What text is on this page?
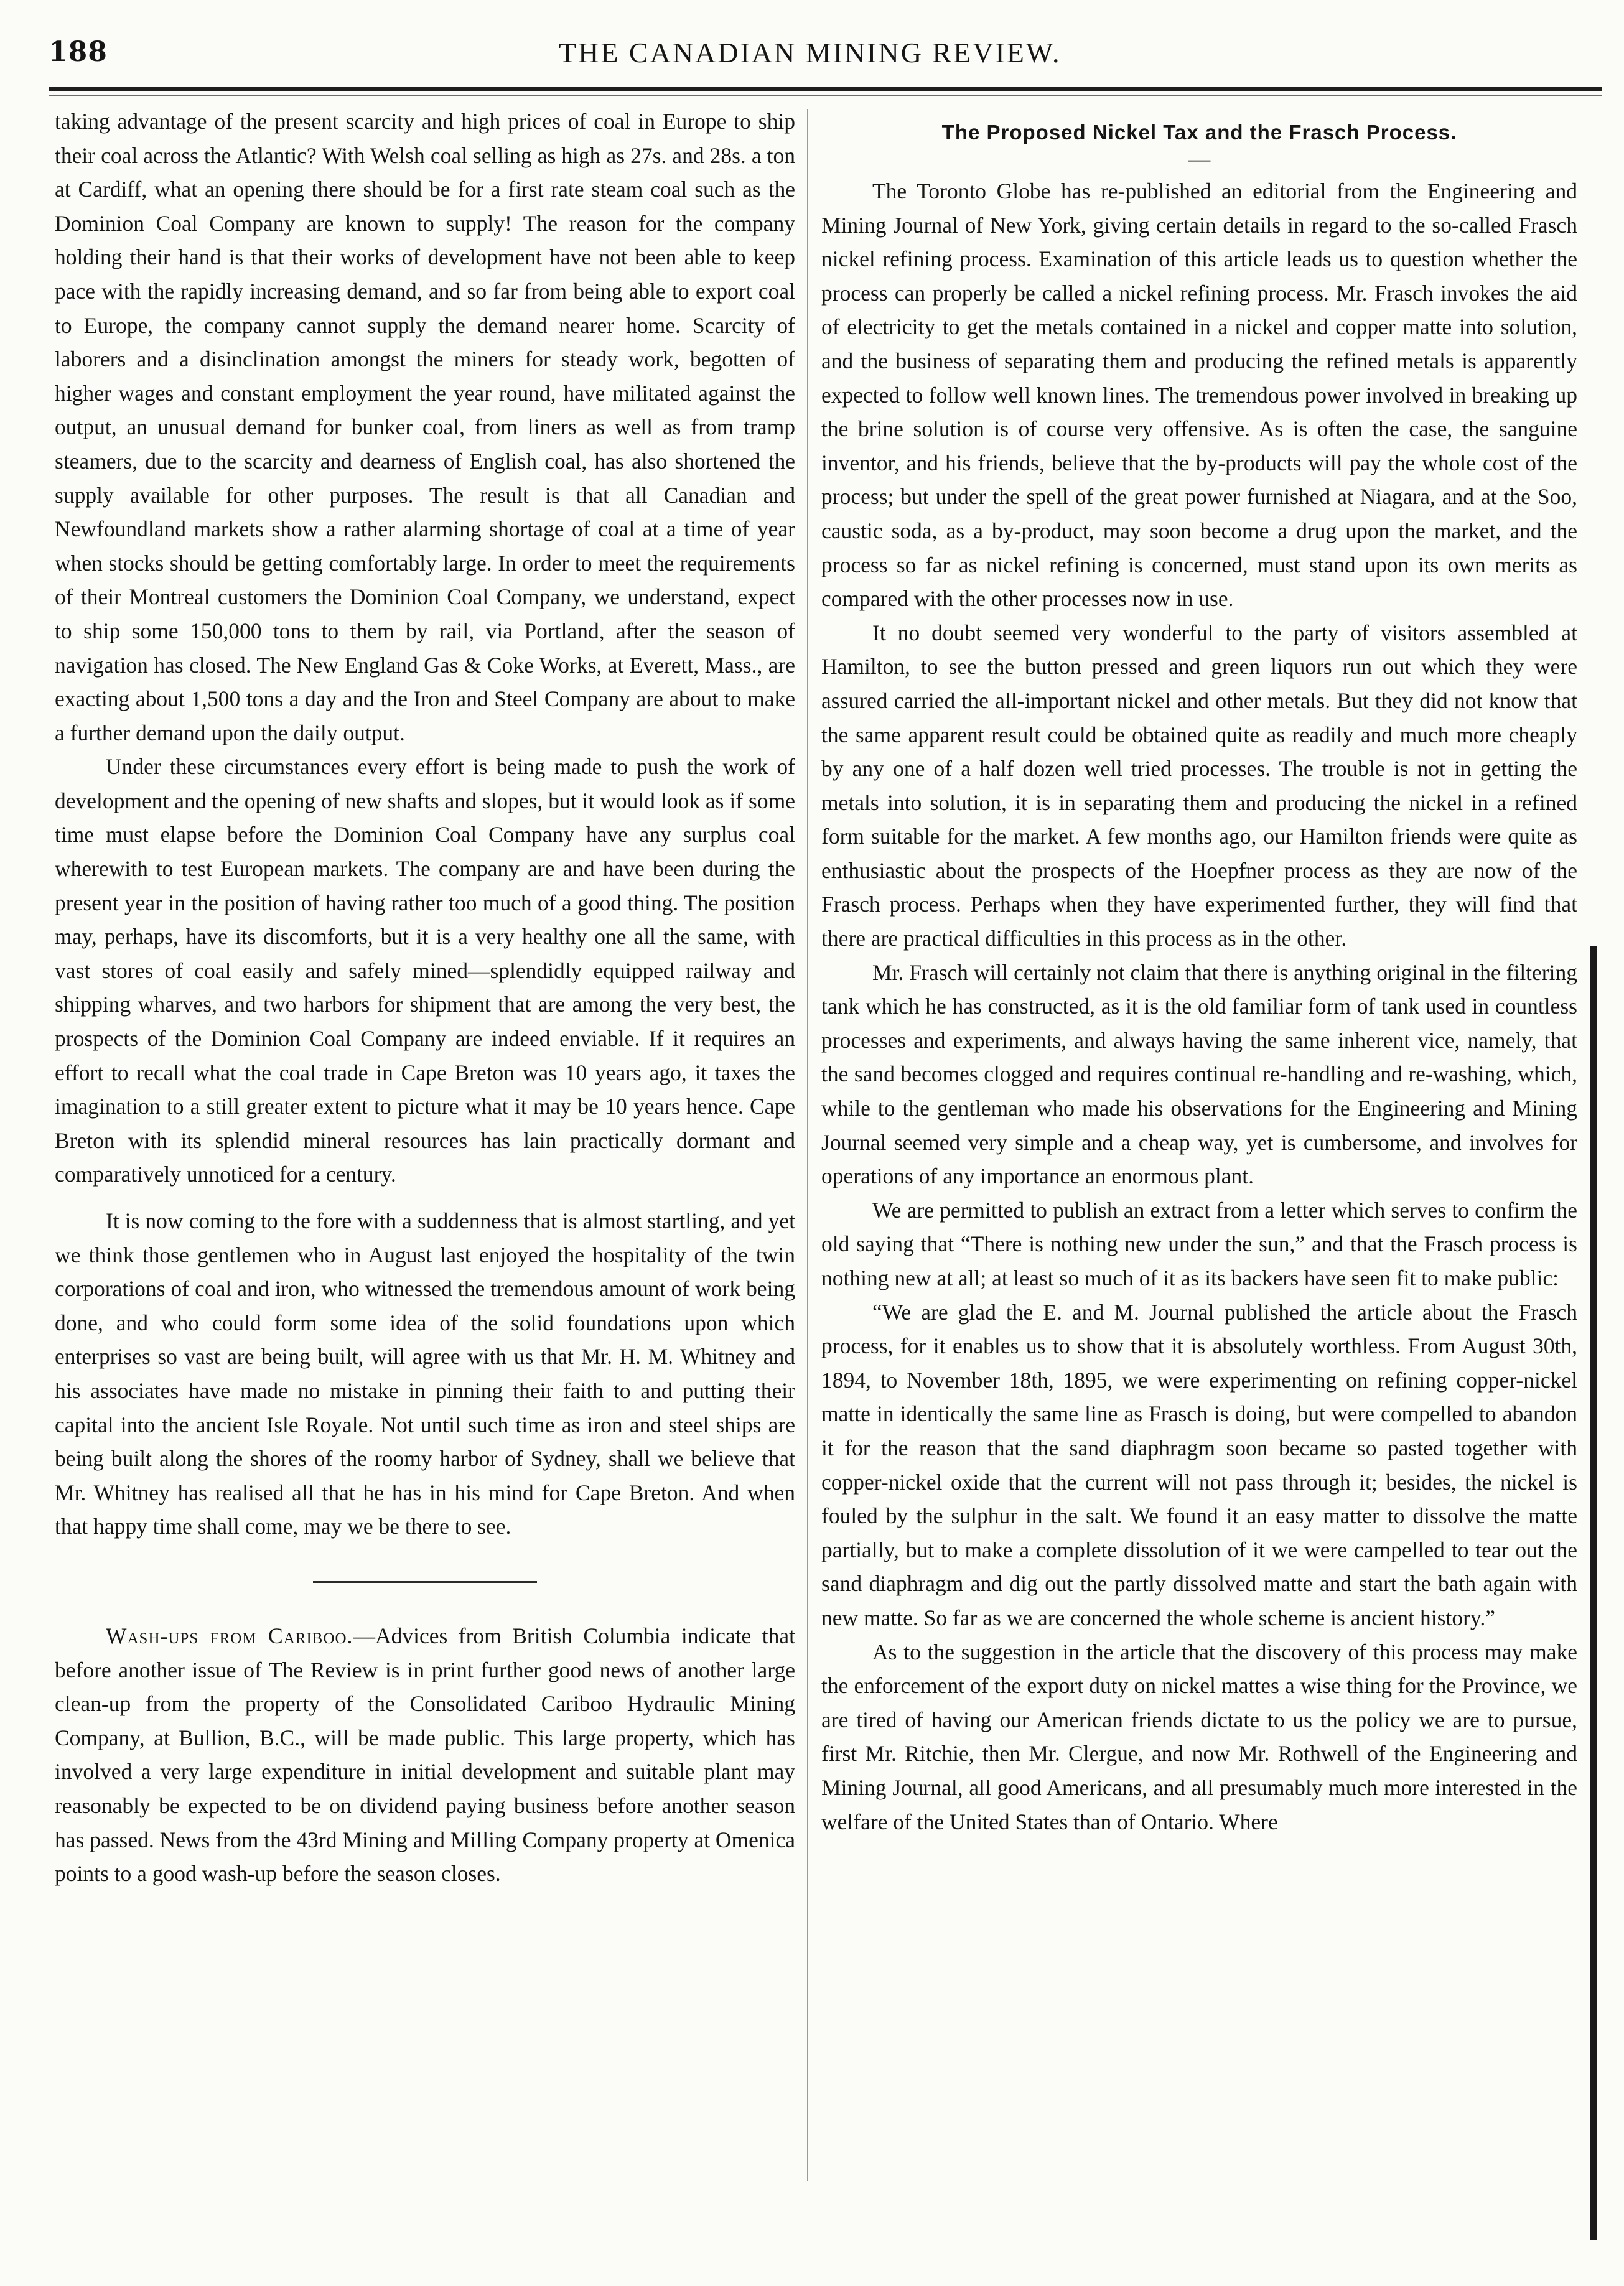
188	THE CANADIAN MINING REVIEW.

taking advantage of the present scarcity and high prices of coal in Europe to ship their coal across the Atlantic? With Welsh coal selling as high as 27s. and 28s. a ton at Cardiff, what an opening there should be for a first rate steam coal such as the Dominion Coal Company are known to supply! The reason for the company holding their hand is that their works of development have not been able to keep pace with the rapidly increasing demand, and so far from being able to export coal to Europe, the company cannot supply the demand nearer home. Scarcity of laborers and a disinclination amongst the miners for steady work, begotten of higher wages and constant employment the year round, have militated against the output, an unusual demand for bunker coal, from liners as well as from tramp steamers, due to the scarcity and dearness of English coal, has also shortened the supply available for other purposes. The result is that all Canadian and Newfoundland markets show a rather alarming shortage of coal at a time of year when stocks should be getting comfortably large. In order to meet the requirements of their Montreal customers the Dominion Coal Company, we understand, expect to ship some 150,000 tons to them by rail, via Portland, after the season of navigation has closed. The New England Gas & Coke Works, at Everett, Mass., are exacting about 1,500 tons a day and the Iron and Steel Company are about to make a further demand upon the daily output.

Under these circumstances every effort is being made to push the work of development and the opening of new shafts and slopes, but it would look as if some time must elapse before the Dominion Coal Company have any surplus coal wherewith to test European markets. The company are and have been during the present year in the position of having rather too much of a good thing. The position may, perhaps, have its discomforts, but it is a very healthy one all the same, with vast stores of coal easily and safely mined—splendidly equipped railway and shipping wharves, and two harbors for shipment that are among the very best, the prospects of the Dominion Coal Company are indeed enviable. If it requires an effort to recall what the coal trade in Cape Breton was 10 years ago, it taxes the imagination to a still greater extent to picture what it may be 10 years hence. Cape Breton with its splendid mineral resources has lain practically dormant and comparatively unnoticed for a century.

It is now coming to the fore with a suddenness that is almost startling, and yet we think those gentlemen who in August last enjoyed the hospitality of the twin corporations of coal and iron, who witnessed the tremendous amount of work being done, and who could form some idea of the solid foundations upon which enterprises so vast are being built, will agree with us that Mr. H. M. Whitney and his associates have made no mistake in pinning their faith to and putting their capital into the ancient Isle Royale. Not until such time as iron and steel ships are being built along the shores of the roomy harbor of Sydney, shall we believe that Mr. Whitney has realised all that he has in his mind for Cape Breton. And when that happy time shall come, may we be there to see.

Wash-ups from Cariboo.—Advices from British Columbia indicate that before another issue of The Review is in print further good news of another large clean-up from the property of the Consolidated Cariboo Hydraulic Mining Company, at Bullion, B.C., will be made public. This large property, which has involved a very large expenditure in initial development and suitable plant may reasonably be expected to be on dividend paying business before another season has passed. News from the 43rd Mining and Milling Company property at Omenica points to a good wash-up before the season closes.

The Proposed Nickel Tax and the Frasch Process.

—

The Toronto Globe has re-published an editorial from the Engineering and Mining Journal of New York, giving certain details in regard to the so-called Frasch nickel refining process. Examination of this article leads us to question whether the process can properly be called a nickel refining process. Mr. Frasch invokes the aid of electricity to get the metals contained in a nickel and copper matte into solution, and the business of separating them and producing the refined metals is apparently expected to follow well known lines. The tremendous power involved in breaking up the brine solution is of course very offensive. As is often the case, the sanguine inventor, and his friends, believe that the by-products will pay the whole cost of the process; but under the spell of the great power furnished at Niagara, and at the Soo, caustic soda, as a by-product, may soon become a drug upon the market, and the process so far as nickel refining is concerned, must stand upon its own merits as compared with the other processes now in use.

It no doubt seemed very wonderful to the party of visitors assembled at Hamilton, to see the button pressed and green liquors run out which they were assured carried the all-important nickel and other metals. But they did not know that the same apparent result could be obtained quite as readily and much more cheaply by any one of a half dozen well tried processes. The trouble is not in getting the metals into solution, it is in separating them and producing the nickel in a refined form suitable for the market. A few months ago, our Hamilton friends were quite as enthusiastic about the prospects of the Hoepfner process as they are now of the Frasch process. Perhaps when they have experimented further, they will find that there are practical difficulties in this process as in the other.

Mr. Frasch will certainly not claim that there is anything original in the filtering tank which he has constructed, as it is the old familiar form of tank used in countless processes and experiments, and always having the same inherent vice, namely, that the sand becomes clogged and requires continual re-handling and re-washing, which, while to the gentleman who made his observations for the Engineering and Mining Journal seemed very simple and a cheap way, yet is cumbersome, and involves for operations of any importance an enormous plant.

We are permitted to publish an extract from a letter which serves to confirm the old saying that “There is nothing new under the sun,” and that the Frasch process is nothing new at all; at least so much of it as its backers have seen fit to make public:

“We are glad the E. and M. Journal published the article about the Frasch process, for it enables us to show that it is absolutely worthless. From August 30th, 1894, to November 18th, 1895, we were experimenting on refining copper-nickel matte in identically the same line as Frasch is doing, but were compelled to abandon it for the reason that the sand diaphragm soon became so pasted together with copper-nickel oxide that the current will not pass through it; besides, the nickel is fouled by the sulphur in the salt. We found it an easy matter to dissolve the matte partially, but to make a complete dissolution of it we were campelled to tear out the sand diaphragm and dig out the partly dissolved matte and start the bath again with new matte. So far as we are concerned the whole scheme is ancient history.”

As to the suggestion in the article that the discovery of this process may make the enforcement of the export duty on nickel mattes a wise thing for the Province, we are tired of having our American friends dictate to us the policy we are to pursue, first Mr. Ritchie, then Mr. Clergue, and now Mr. Rothwell of the Engineering and Mining Journal, all good Americans, and all presumably much more interested in the welfare of the United States than of Ontario. Where
